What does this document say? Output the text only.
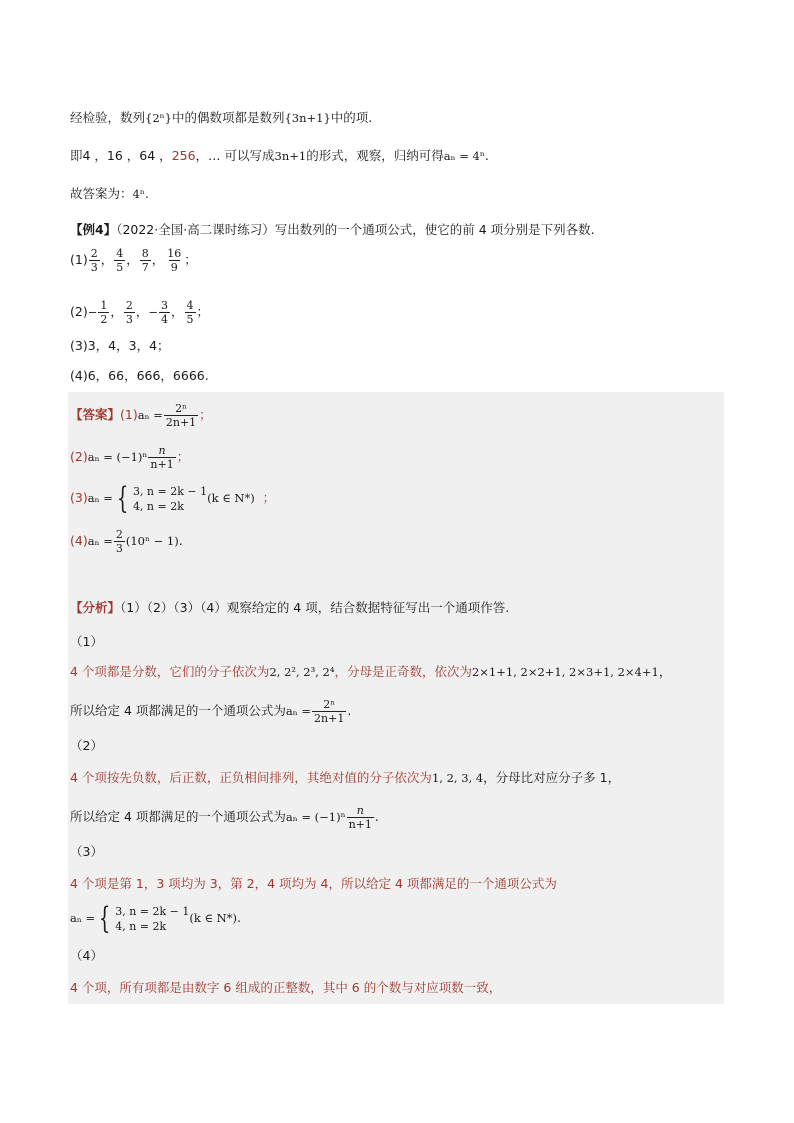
经检验，数列{2ⁿ}中的偶数项都是数列{3n+1}中的项.
即4 ，16 ，64 ，256，… 可以写成3n+1的形式，观察，归纳可得aₙ = 4ⁿ.
故答案为：4ⁿ.
【例4】（2022·全国·高二课时练习）写出数列的一个通项公式，使它的前 4 项分别是下列各数.
$(1) \frac{2}{3}$ ， $\frac{4}{5}$ ， $\frac{8}{7}$ ， $\frac{16}{9}$ ；
$(2)- \frac{1}{2}$ ， $\frac{2}{3}$ ，− $\frac{3}{4}$ ， $\frac{4}{5}$ ；
(3)3，4，3，4；
(4)6，66，666，6666.
【答案】$(1)a_n = \frac{\text{2ⁿ}}{2n+1}$ ；
$(2)a_n = (-1)^n \frac{n}{n+1}$ ；
(3)aₙ = { 3, n = 2k − 1
4, n = 2k
(k ∈ N*) ；
$(4)a_n = \frac{2}{3} (10^n - 1)$.
【分析】（1）（2）（3）（4）观察给定的 4 项，结合数据特征写出一个通项作答.
（1）
4 个项都是分数，它们的分子依次为2, 2², 2³, 2⁴，分母是正奇数，依次为2×1+1, 2×2+1, 2×3+1, 2×4+1，
所以给定 4 项都满足的一个通项公式为$a_n = \frac{\text{2ⁿ}}{2n+1}$ .
（2）
4 个项按先负数，后正数，正负相间排列，其绝对值的分子依次为1, 2, 3, 4，分母比对应分子多 1，
所以给定 4 项都满足的一个通项公式为$a_n = (-1)^n \frac{n}{n+1}$ .
（3）
4 个项是第 1，3 项均为 3，第 2，4 项均为 4，所以给定 4 项都满足的一个通项公式为
aₙ = { 3, n = 2k − 1
4, n = 2k
(k ∈ N*).
（4）
4 个项，所有项都是由数字 6 组成的正整数，其中 6 的个数与对应项数一致，
